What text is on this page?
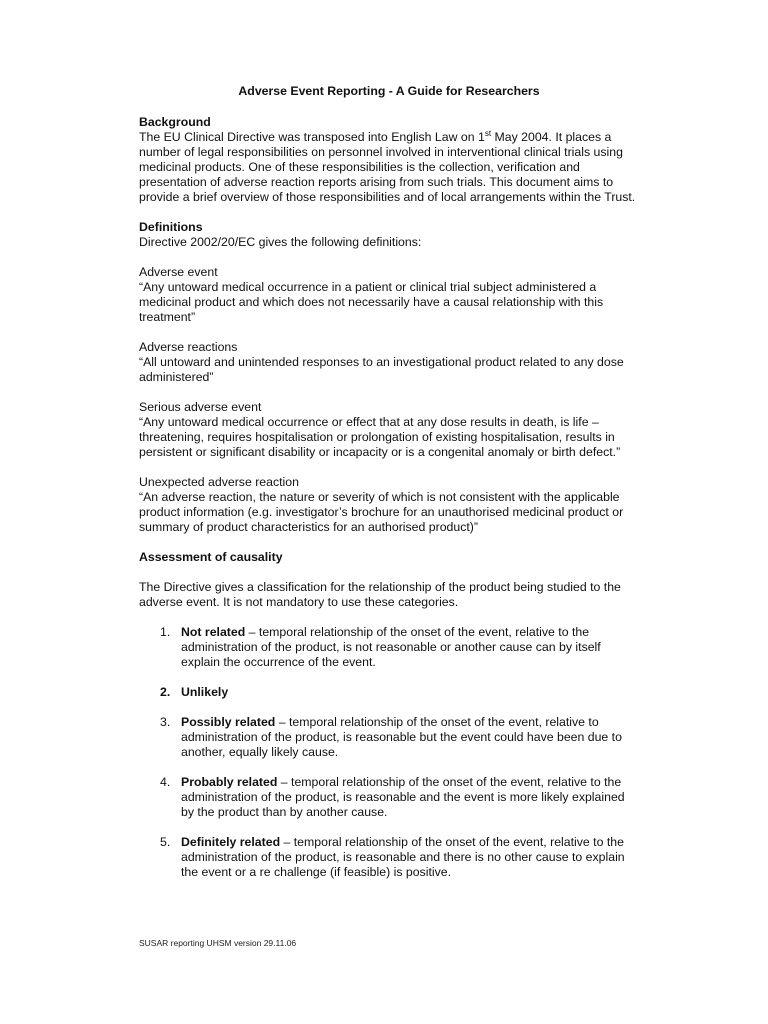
Adverse Event Reporting - A Guide for Researchers
Background

The EU Clinical Directive was transposed into English Law on 1st May 2004. It places a number of legal responsibilities on personnel involved in interventional clinical trials using medicinal products. One of these responsibilities is the collection, verification and presentation of adverse reaction reports arising from such trials. This document aims to provide a brief overview of those responsibilities and of local arrangements within the Trust.

Definitions

Directive 2002/20/EC gives the following definitions:

Adverse event

“Any untoward medical occurrence in a patient or clinical trial subject administered a medicinal product and which does not necessarily have a causal relationship with this treatment”

Adverse reactions

“All untoward and unintended responses to an investigational product related to any dose administered”

Serious adverse event

“Any untoward medical occurrence or effect that at any dose results in death, is life – threatening, requires hospitalisation or prolongation of existing hospitalisation, results in persistent or significant disability or incapacity or is a congenital anomaly or birth defect.”

Unexpected adverse reaction

“An adverse reaction, the nature or severity of which is not consistent with the applicable product information (e.g. investigator’s brochure for an unauthorised medicinal product or summary of product characteristics for an authorised product)”

Assessment of causality

The Directive gives a classification for the relationship of the product being studied to the adverse event. It is not mandatory to use these categories.

1. Not related – temporal relationship of the onset of the event, relative to the administration of the product, is not reasonable or another cause can by itself explain the occurrence of the event.
2. Unlikely
3. Possibly related – temporal relationship of the onset of the event, relative to administration of the product, is reasonable but the event could have been due to another, equally likely cause.
4. Probably related – temporal relationship of the onset of the event, relative to the administration of the product, is reasonable and the event is more likely explained by the product than by another cause.
5. Definitely related – temporal relationship of the onset of the event, relative to the administration of the product, is reasonable and there is no other cause to explain the event or a re challenge (if feasible) is positive.
SUSAR reporting UHSM version 29.11.06
